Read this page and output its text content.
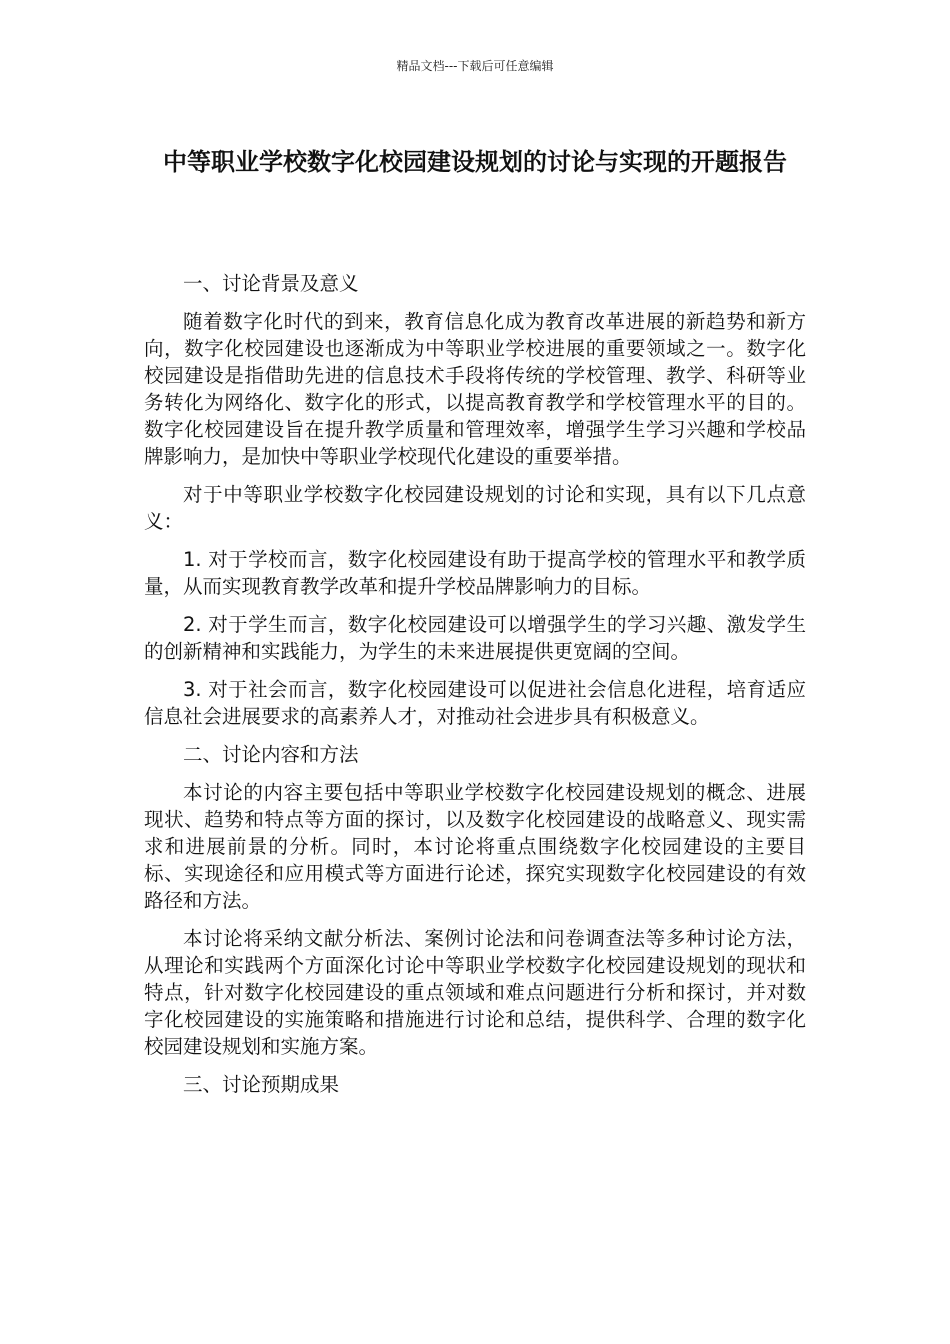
精品文档---下载后可任意编辑
中等职业学校数字化校园建设规划的讨论与实现的开题报告

一、讨论背景及意义

随着数字化时代的到来，教育信息化成为教育改革进展的新趋势和新方向，数字化校园建设也逐渐成为中等职业学校进展的重要领域之一。数字化校园建设是指借助先进的信息技术手段将传统的学校管理、教学、科研等业务转化为网络化、数字化的形式，以提高教育教学和学校管理水平的目的。数字化校园建设旨在提升教学质量和管理效率，增强学生学习兴趣和学校品牌影响力，是加快中等职业学校现代化建设的重要举措。

对于中等职业学校数字化校园建设规划的讨论和实现，具有以下几点意义：

1. 对于学校而言，数字化校园建设有助于提高学校的管理水平和教学质量，从而实现教育教学改革和提升学校品牌影响力的目标。

2. 对于学生而言，数字化校园建设可以增强学生的学习兴趣、激发学生的创新精神和实践能力，为学生的未来进展提供更宽阔的空间。

3. 对于社会而言，数字化校园建设可以促进社会信息化进程，培育适应信息社会进展要求的高素养人才，对推动社会进步具有积极意义。

二、讨论内容和方法

本讨论的内容主要包括中等职业学校数字化校园建设规划的概念、进展现状、趋势和特点等方面的探讨，以及数字化校园建设的战略意义、现实需求和进展前景的分析。同时，本讨论将重点围绕数字化校园建设的主要目标、实现途径和应用模式等方面进行论述，探究实现数字化校园建设的有效路径和方法。

本讨论将采纳文献分析法、案例讨论法和问卷调查法等多种讨论方法，从理论和实践两个方面深化讨论中等职业学校数字化校园建设规划的现状和特点，针对数字化校园建设的重点领域和难点问题进行分析和探讨，并对数字化校园建设的实施策略和措施进行讨论和总结，提供科学、合理的数字化校园建设规划和实施方案。

三、讨论预期成果
